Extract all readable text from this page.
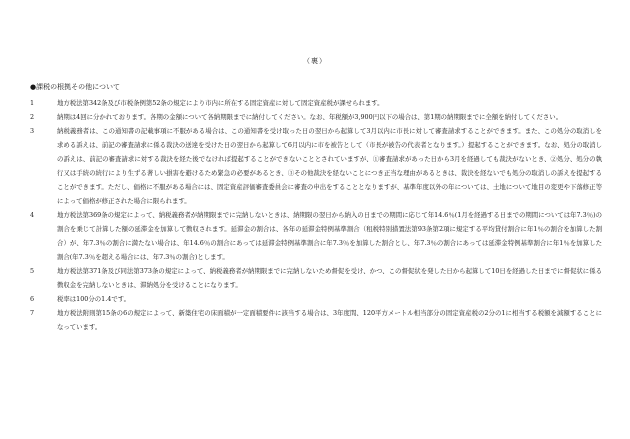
（裏）
●課税の根拠その他について
1	地方税法第342条及び市税条例第52条の規定により市内に所在する固定資産に対して固定資産税が課せられます。
2	納期は4回に分かれております。各期の金額について各納期限までに納付してください。なお、年税額が3,900円以下の場合は、第1期の納期限までに全額を納付してください。
3	納税義務者は、この通知書の記載事項に不服がある場合は、この通知書を受け取った日の翌日から起算して3月以内に市長に対して審査請求することができます。また、この処分の取消しを求める訴えは、前記の審査請求に係る裁決の送達を受けた日の翌日から起算して6月以内に市を被告として（市長が被告の代表者となります。）提起することができます。なお、処分の取消しの訴えは、前記の審査請求に対する裁決を経た後でなければ提起することができないこととされていますが、①審査請求があった日から3月を経過しても裁決がないとき、②処分、処分の執行又は手続の続行により生ずる著しい損害を避けるため緊急の必要があるとき、③その他裁決を経ないことにつき正当な理由があるときは、裁決を経ないでも処分の取消しの訴えを提起することができます。ただし、価格に不服がある場合には、固定資産評価審査委員会に審査の申出をすることとなりますが、基準年度以外の年については、土地について地目の変更や下落修正等によって価格が修正された場合に限られます。
4	地方税法第369条の規定によって、納税義務者が納期限までに完納しないときは、納期限の翌日から納入の日までの期間に応じて年14.6％(1月を経過する日までの期間については年7.3％)の割合を乗じて計算した額の延滞金を加算して徴収されます。延滞金の割合は、各年の延滞金特例基準割合（租税特別措置法第93条第2項に規定する平均貸付割合に年1％の割合を加算した割合）が、年7.3％の割合に満たない場合は、年14.6％の割合にあっては延滞金特例基準割合に年7.3％を加算した割合とし、年7.3％の割合にあっては延滞金特例基準割合に年1％を加算した割合(年7.3％を超える場合には、年7.3％の割合)とします。
5	地方税法第371条及び同法第373条の規定によって、納税義務者が納期限までに完納しないため督促を受け、かつ、この督促状を発した日から起算して10日を経過した日までに督促状に係る徴収金を完納しないときは、滞納処分を受けることになります。
6	税率は100分の1.4です。
7	地方税法附則第15条の6の規定によって、新築住宅の床面積が一定面積要件に該当する場合は、3年度間、120平方メートル相当部分の固定資産税の2分の1に相当する税額を減額することになっています。
